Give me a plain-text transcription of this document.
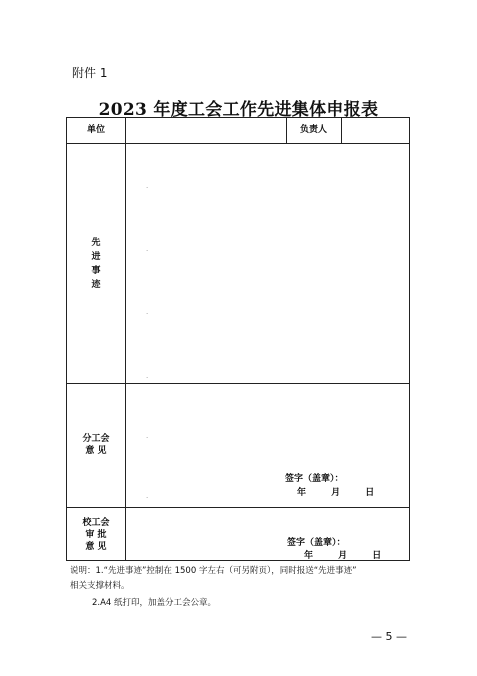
附件 1
2023 年度工会工作先进集体申报表
单位	负责人
先
进
事
迹
分工会
意 见
签字（盖章）：
年 月 日
校工会
审 批
意 见	签字（盖章）：
年 月 日
.
.
.
.
.
.
说明：1.“先进事迹”控制在 1500 字左右（可另附页），同时报送“先进事迹”
相关支撑材料。
2.A4 纸打印，加盖分工会公章。
— 5 —
